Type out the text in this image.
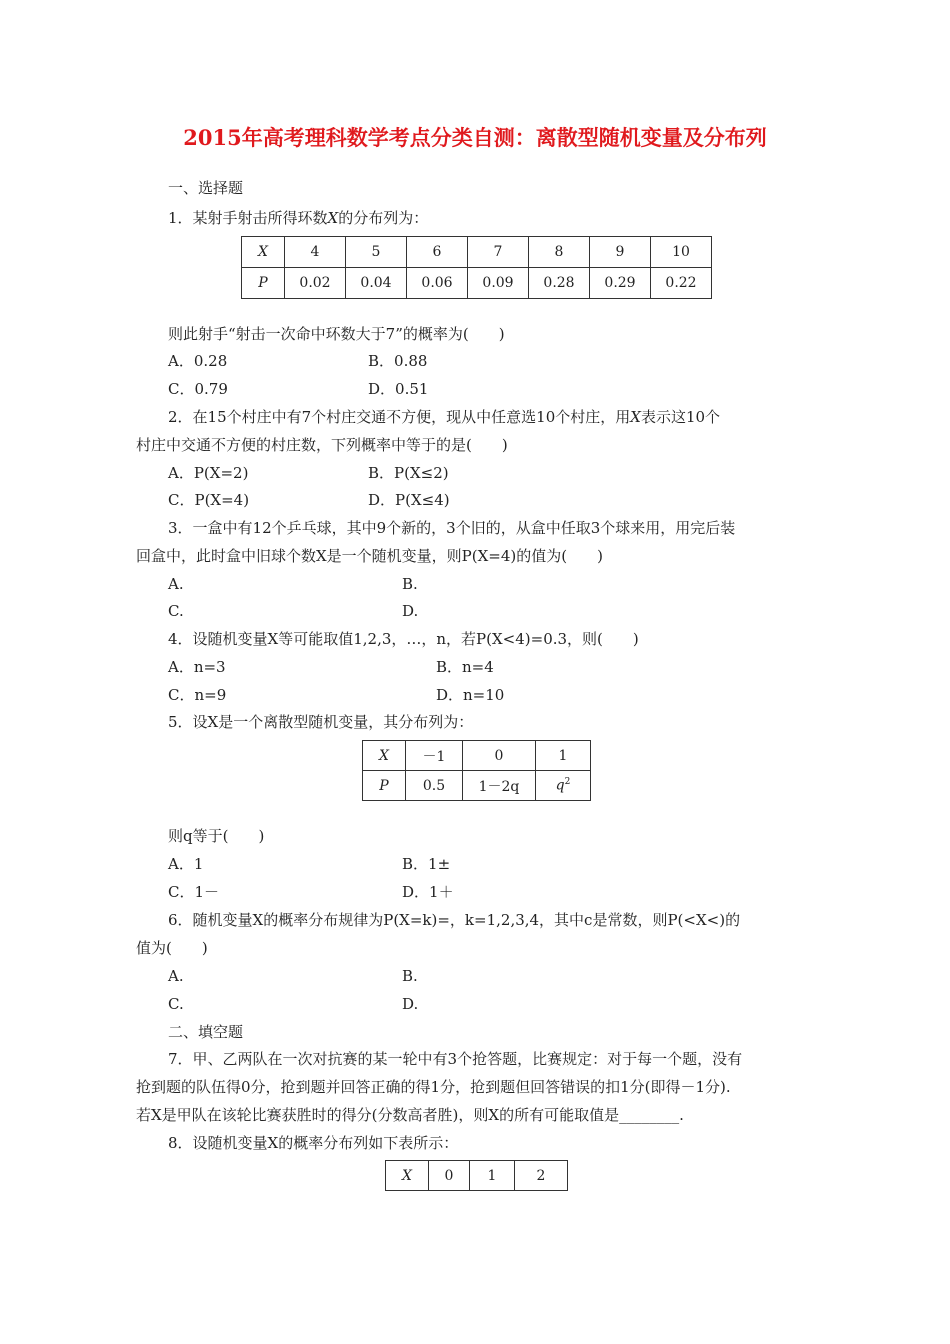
2015年高考理科数学考点分类自测：离散型随机变量及分布列
一、选择题
1．某射手射击所得环数X的分布列为：
X	4	5	6	7	8	9	10
P	0.02	0.04	0.06	0.09	0.28	0.29	0.22
则此射手“射击一次命中环数大于7”的概率为(　　)
A．0.28	B．0.88
C．0.79	D．0.51
2．在15个村庄中有7个村庄交通不方便，现从中任意选10个村庄，用X表示这10个
村庄中交通不方便的村庄数，下列概率中等于的是(　　)
A．P(X=2)	B．P(X≤2)
C．P(X=4)	D．P(X≤4)
3．一盒中有12个乒乓球，其中9个新的，3个旧的，从盒中任取3个球来用，用完后装
回盒中，此时盒中旧球个数X是一个随机变量，则P(X=4)的值为(　　)
A.	B.
C.	D.
4．设随机变量X等可能取值1,2,3，…，n，若P(X<4)=0.3，则(　　)
A．n=3	B．n=4
C．n=9	D．n=10
5．设X是一个离散型随机变量，其分布列为：
X	－1	0	1
P	0.5	1－2q	$q^2$
则q等于(　　)
A．1	B．1±
C．1－	D．1＋
6．随机变量X的概率分布规律为P(X=k)=，k=1,2,3,4，其中c是常数，则P(<X<)的
值为(　　)
A.	B.
C.	D.
二、填空题
7．甲、乙两队在一次对抗赛的某一轮中有3个抢答题，比赛规定：对于每一个题，没有
抢到题的队伍得0分，抢到题并回答正确的得1分，抢到题但回答错误的扣1分(即得－1分).
若X是甲队在该轮比赛获胜时的得分(分数高者胜)，则X的所有可能取值是________.
8．设随机变量X的概率分布列如下表所示：
X	0	1	2
